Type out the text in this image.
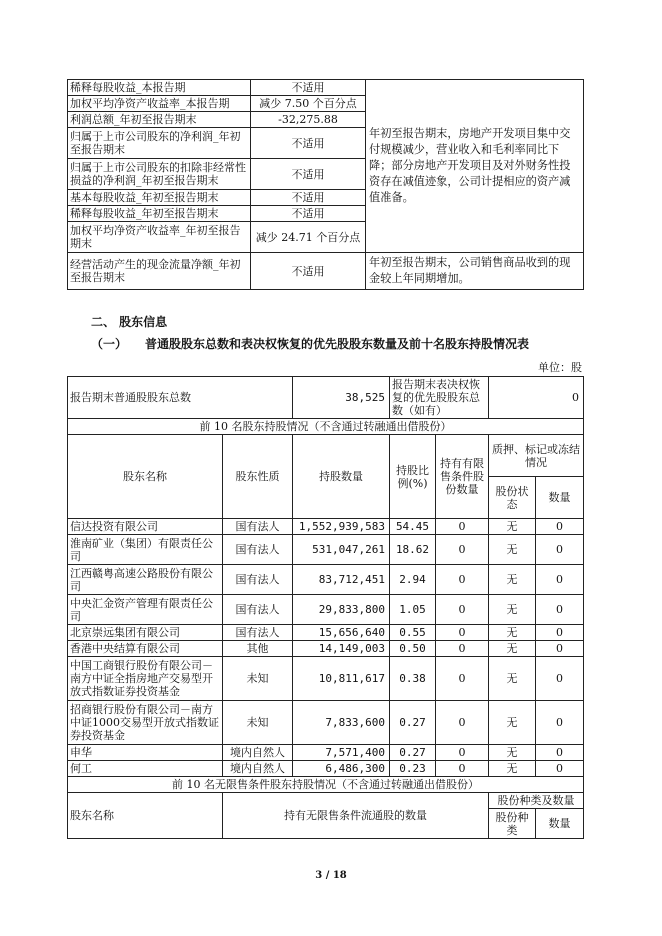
稀释每股收益_本报告期	不适用	年初至报告期末，房地产开发项目集中交付规模减少，营业收入和毛利率同比下降；部分房地产开发项目及对外财务性投资存在减值迹象，公司计提相应的资产减值准备。
加权平均净资产收益率_本报告期	减少 7.50 个百分点	
利润总额_年初至报告期末	-32,275.88	
归属于上市公司股东的净利润_年初至报告期末	不适用	
归属于上市公司股东的扣除非经常性损益的净利润_年初至报告期末	不适用	
基本每股收益_年初至报告期末	不适用	
稀释每股收益_年初至报告期末	不适用	
加权平均净资产收益率_年初至报告期末	减少 24.71 个百分点	
经营活动产生的现金流量净额_年初至报告期末	不适用	年初至报告期末，公司销售商品收到的现金较上年同期增加。
二、 股东信息
（一） 普通股股东总数和表决权恢复的优先股股东数量及前十名股东持股情况表
单位：股
报告期末普通股股东总数		38,525	报告期末表决权恢复的优先股股东总数（如有）		0	
前 10 名股东持股情况（不含通过转融通出借股份）						
股东名称	股东性质	持股数量	持股比例(%)	持有有限售条件股份数量	质押、标记或冻结情况	
					股份状态	数量
信达投资有限公司	国有法人	1,552,939,583	54.45	0	无	0
淮南矿业（集团）有限责任公司	国有法人	531,047,261	18.62	0	无	0
江西赣粤高速公路股份有限公司	国有法人	83,712,451	2.94	0	无	0
中央汇金资产管理有限责任公司	国有法人	29,833,800	1.05	0	无	0
北京崇远集团有限公司	国有法人	15,656,640	0.55	0	无	0
香港中央结算有限公司	其他	14,149,003	0.50	0	无	0
中国工商银行股份有限公司－南方中证全指房地产交易型开放式指数证券投资基金	未知	10,811,617	0.38	0	无	0
招商银行股份有限公司－南方中证1000交易型开放式指数证券投资基金	未知	7,833,600	0.27	0	无	0
申华	境内自然人	7,571,400	0.27	0	无	0
何工	境内自然人	6,486,300	0.23	0	无	0
前 10 名无限售条件股东持股情况（不含通过转融通出借股份）						
股东名称	持有无限售条件流通股的数量				股份种类及数量	
					股份种类	数量
3 / 18
